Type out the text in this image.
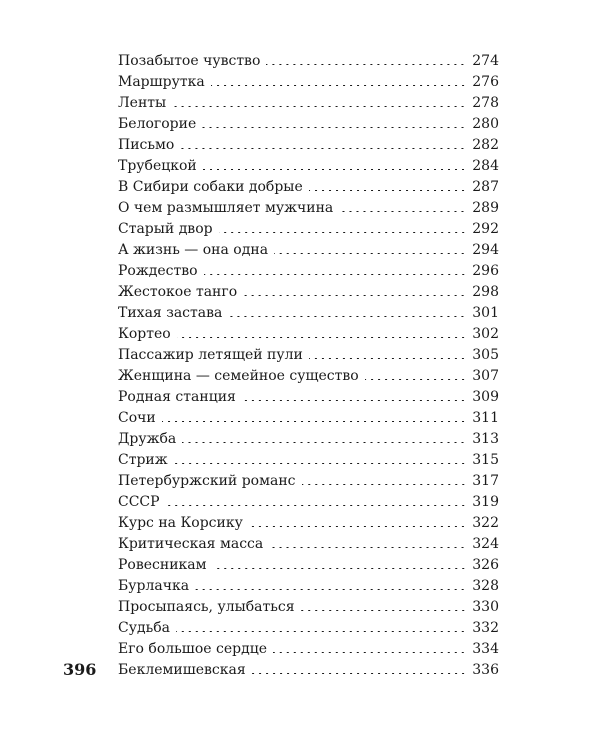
Позабытое чувство	274
Маршрутка	276
Ленты	278
Белогорие	280
Письмо	282
Трубецкой	284
В Сибири собаки добрые	287
О чем размышляет мужчина	289
Старый двор	292
А жизнь — она одна	294
Рождество	296
Жестокое танго	298
Тихая застава	301
Кортео	302
Пассажир летящей пули	305
Женщина — семейное существо	307
Родная станция	309
Сочи	311
Дружба	313
Стриж	315
Петербуржский романс	317
СССР	319
Курс на Корсику	322
Критическая масса	324
Ровесникам	326
Бурлачка	328
Просыпаясь, улыбаться	330
Судьба	332
Его большое сердце	334
Беклемишевская	336
396
